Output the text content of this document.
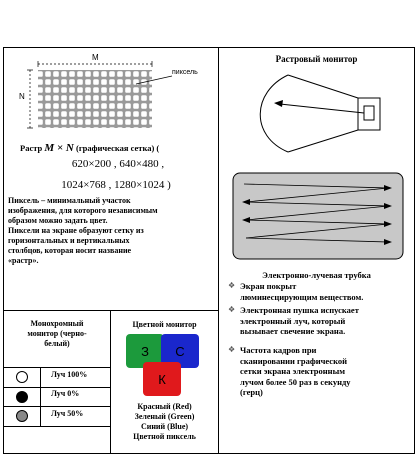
M
N
пиксель
Растр M × N (графическая сетка) (
620×200 , 640×480 ,
1024×768 , 1280×1024 )
Пиксель – минимальный участок
изображения, для которого независимым
образом можно задать цвет.
Пиксели на экране образуют сетку из
горизонтальных и вертикальных
столбцов, которая носит название
«растр».
Растровый монитор
Электронно-лучевая трубка
❖ Экран покрыт
люминесцирующим веществом.
❖ Электронная пушка испускает
электронный луч, который
вызывает свечение экрана.
❖ Частота кадров при
сканировании графической
сетки экрана электронным
лучом более 50 раз в секунду
(герц)
Монохромный
монитор (черно-
белый)
Луч 100%
Луч 0%
Луч 50%
Цветной монитор
З	С
К
Красный (Red)
Зеленый (Green)
Синий (Blue)
Цветной пиксель
